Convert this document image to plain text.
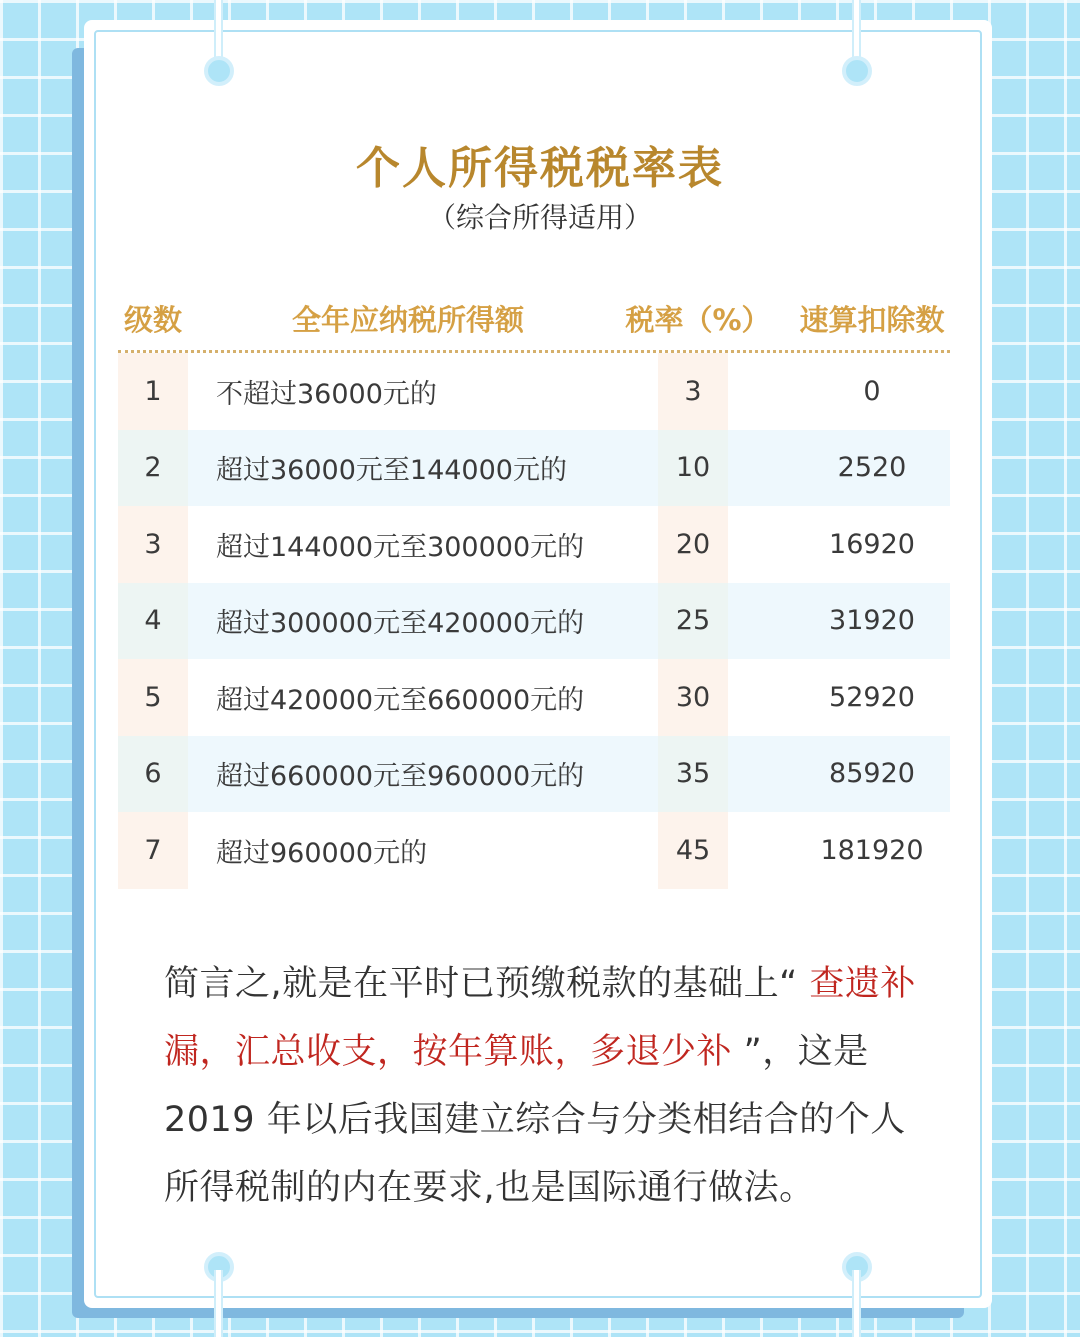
个人所得税税率表
（综合所得适用）
级数	全年应纳税所得额	税率（%） 速算扣除数
1	不超过36000元的	3	0
2	超过36000元至144000元的	10	2520
3	超过144000元至300000元的	20	16920
4	超过300000元至420000元的	25	31920
5	超过420000元至660000元的	30	52920
6	超过660000元至960000元的	35	85920
7	超过960000元的	45	181920
简言之,就是在平时已预缴税款的基础上“ 查遗补漏，汇总收支，按年算账，多退少补 ”，这是2019 年以后我国建立综合与分类相结合的个人所得税制的内在要求,也是国际通行做法。
